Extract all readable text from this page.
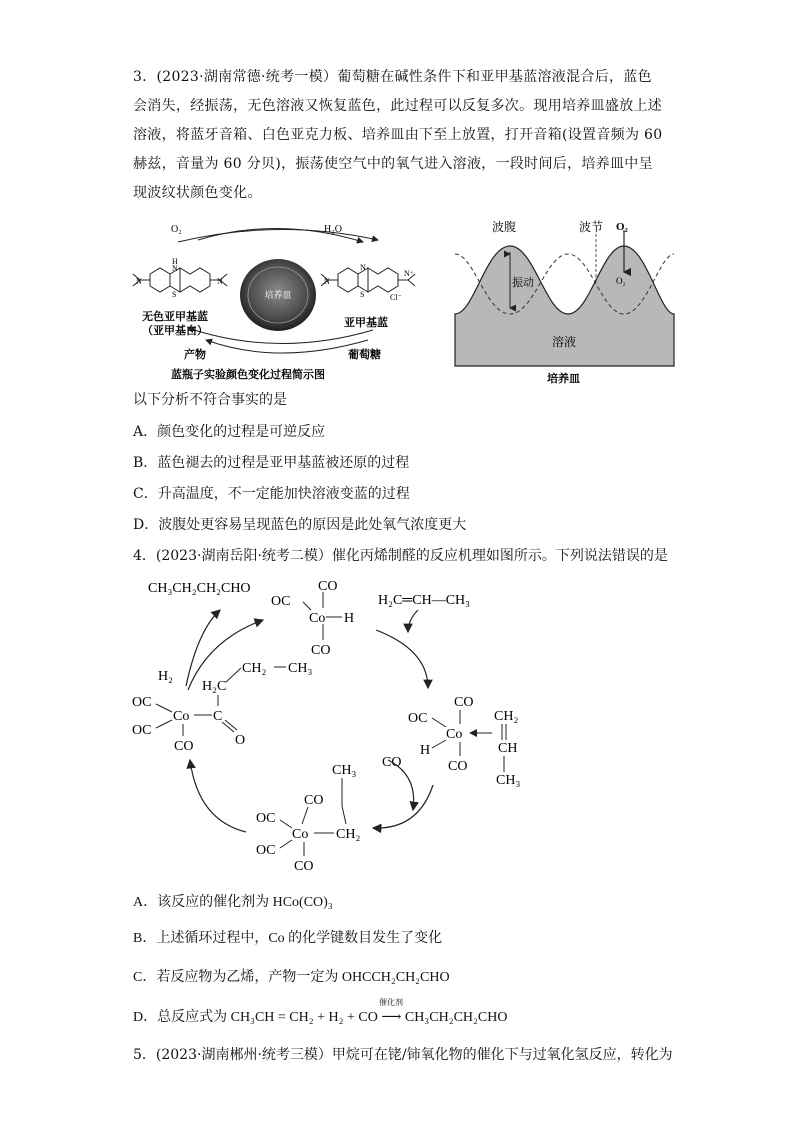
3．(2023·湖南常德·统考一模）葡萄糖在碱性条件下和亚甲基蓝溶液混合后，蓝色会消失，经振荡，无色溶液又恢复蓝色，此过程可以反复多次。现用培养皿盛放上述溶液，将蓝牙音箱、白色亚克力板、培养皿由下至上放置，打开音箱(设置音频为 60 赫兹，音量为 60 分贝)，振荡使空气中的氧气进入溶液，一段时间后，培养皿中呈现波纹状颜色变化。
O₂	H₂O
培养皿
H
N
S
N	N
无色亚甲基蓝
（亚甲基白）
N
S
N
N⁺
Cl⁻
亚甲基蓝
产物	葡萄糖
蓝瓶子实验颜色变化过程简示图
波腹	波节 O₂
振动	O₂
溶液
培养皿
以下分析不符合事实的是
A．颜色变化的过程是可逆反应
B．蓝色褪去的过程是亚甲基蓝被还原的过程
C．升高温度，不一定能加快溶液变蓝的过程
D．波腹处更容易呈现蓝色的原因是此处氧气浓度更大
4．(2023·湖南岳阳·统考二模）催化丙烯制醛的反应机理如图所示。下列说法错误的是
CH₃CH₂CH₂CHO	CO
OC
Co H
CO
H₂C═CH—CH₃
H₂
H₂C
CH₂ CH₃
OC
OC
Co C
O
CO
CO
OC
Co
H
CO
CH₂
CH
CH₃
CO
CO
OC
Co
OC
CO
CH₂
CH₃
A．该反应的催化剂为 HCo(CO)₃
B．上述循环过程中，Co 的化学键数目发生了变化
C．若反应物为乙烯，产物一定为 OHCCH₂CH₂CHO
D．总反应式为 CH₃CH = CH₂ + H₂ + CO ⟶ CH₃CH₂CH₂CHO
催化剂
5．(2023·湖南郴州·统考三模）甲烷可在铑/铈氧化物的催化下与过氧化氢反应，转化为
